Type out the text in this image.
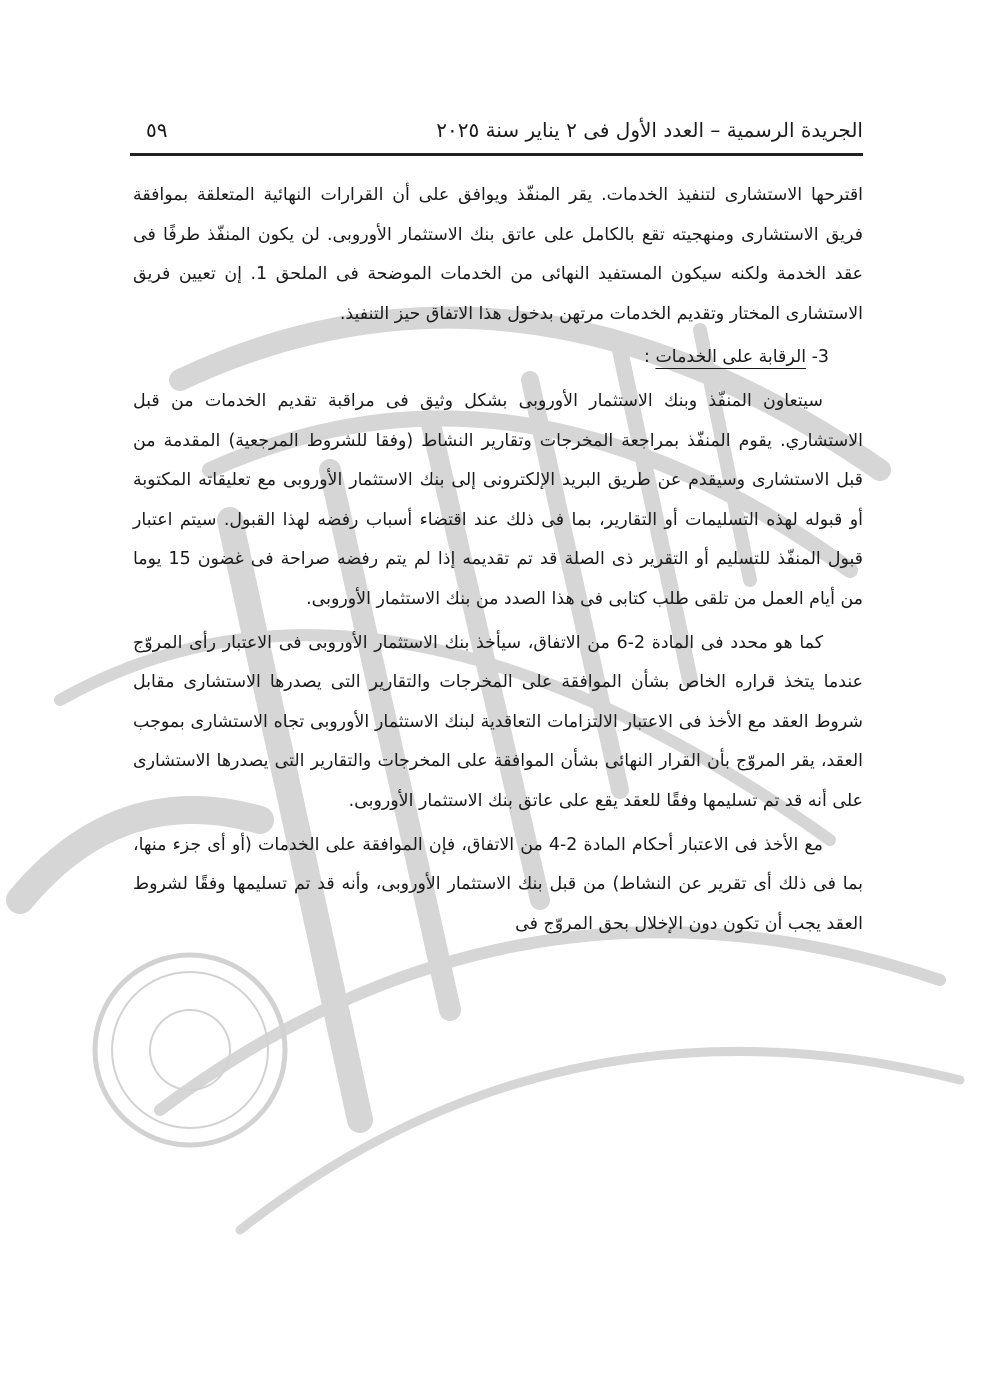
الجريدة الرسمية – العدد الأول فى ٢ يناير سنة ٢٠٢٥
٥٩

اقترحها الاستشارى لتنفيذ الخدمات. يقر المنفّذ ويوافق على أن القرارات النهائية المتعلقة بموافقة فريق الاستشارى ومنهجيته تقع بالكامل على عاتق بنك الاستثمار الأوروبى. لن يكون المنفّذ طرفًا فى عقد الخدمة ولكنه سيكون المستفيد النهائى من الخدمات الموضحة فى الملحق 1. إن تعيين فريق الاستشارى المختار وتقديم الخدمات مرتهن بدخول هذا الاتفاق حيز التنفيذ.

3- الرقابة على الخدمات :

سيتعاون المنفّذ وبنك الاستثمار الأوروبى بشكل وثيق فى مراقبة تقديم الخدمات من قبل الاستشاري. يقوم المنفّذ بمراجعة المخرجات وتقارير النشاط (وفقا للشروط المرجعية) المقدمة من قبل الاستشارى وسيقدم عن طريق البريد الإلكترونى إلى بنك الاستثمار الأوروبى مع تعليقاته المكتوبة أو قبوله لهذه التسليمات أو التقارير، بما فى ذلك عند اقتضاء أسباب رفضه لهذا القبول. سيتم اعتبار قبول المنفّذ للتسليم أو التقرير ذى الصلة قد تم تقديمه إذا لم يتم رفضه صراحة فى غضون 15 يوما من أيام العمل من تلقى طلب كتابى فى هذا الصدد من بنك الاستثمار الأوروبى.

كما هو محدد فى المادة 2-6 من الاتفاق، سيأخذ بنك الاستثمار الأوروبى فى الاعتبار رأى المروّج عندما يتخذ قراره الخاص بشأن الموافقة على المخرجات والتقارير التى يصدرها الاستشارى مقابل شروط العقد مع الأخذ فى الاعتبار الالتزامات التعاقدية لبنك الاستثمار الأوروبى تجاه الاستشارى بموجب العقد، يقر المروّج بأن القرار النهائى بشأن الموافقة على المخرجات والتقارير التى يصدرها الاستشارى على أنه قد تم تسليمها وفقًا للعقد يقع على عاتق بنك الاستثمار الأوروبى.

مع الأخذ فى الاعتبار أحكام المادة 2-4 من الاتفاق، فإن الموافقة على الخدمات (أو أى جزء منها، بما فى ذلك أى تقرير عن النشاط) من قبل بنك الاستثمار الأوروبى، وأنه قد تم تسليمها وفقًا لشروط العقد يجب أن تكون دون الإخلال بحق المروّج فى
